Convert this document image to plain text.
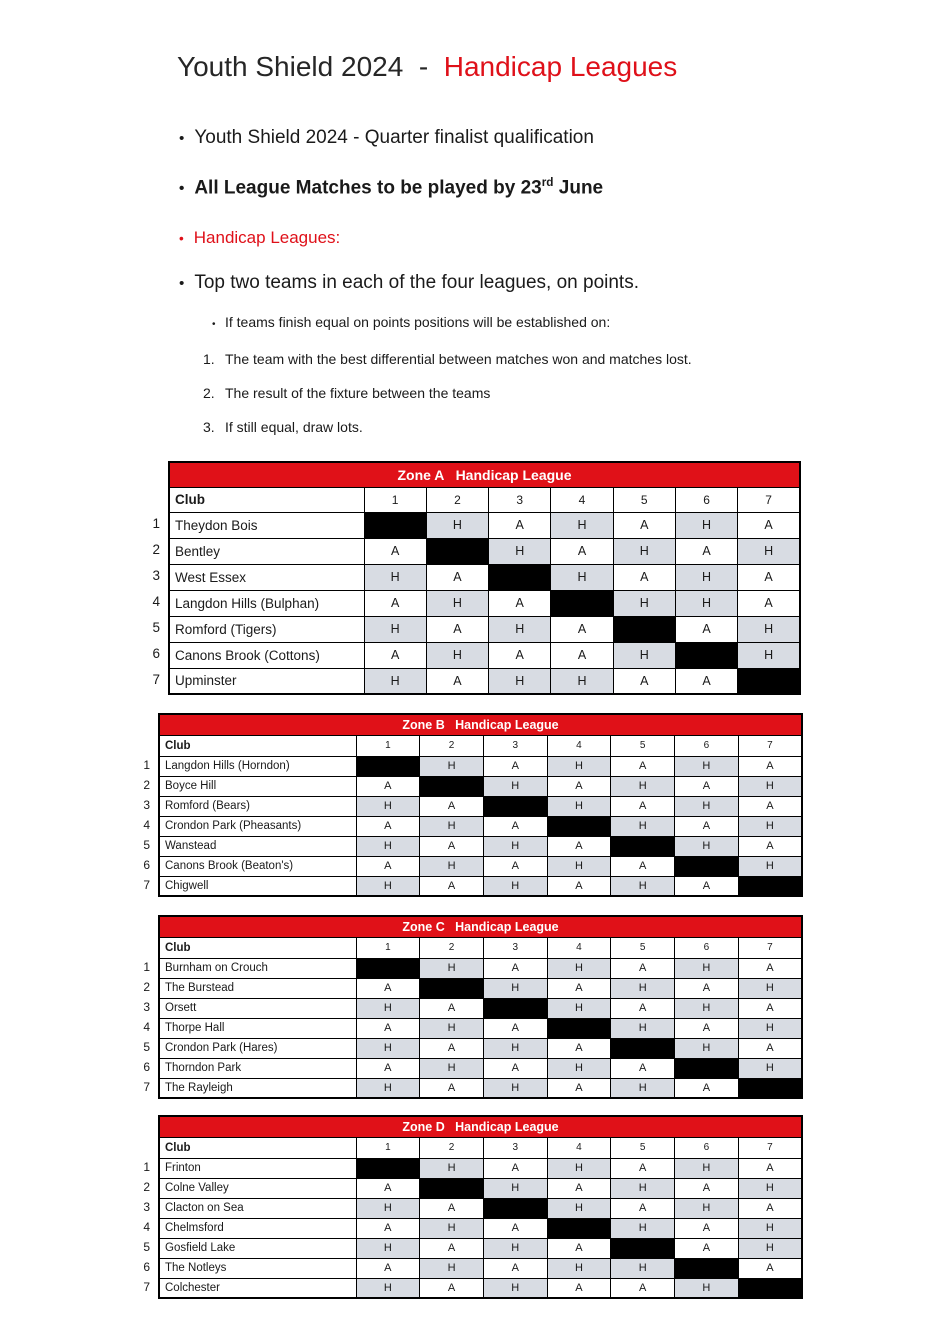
Youth Shield 2024  -  Handicap Leagues
• Youth Shield 2024 - Quarter finalist qualification
• All League Matches to be played by 23rd June
• Handicap Leagues:
• Top two teams in each of the four leagues, on points.
• If teams finish equal on points positions will be established on:
1. The team with the best differential between matches won and matches lost.
2. The result of the fixture between the teams
3. If still equal, draw lots.
1
2
3
4
5
6
7
Zone A   Handicap League							
Club	1	2	3	4	5	6	7
Theydon Bois		H	A	H	A	H	A
Bentley	A		H	A	H	A	H
West Essex	H	A		H	A	H	A
Langdon Hills (Bulphan)	A	H	A		H	H	A
Romford (Tigers)	H	A	H	A		A	H
Canons Brook (Cottons)	A	H	A	A	H		H
Upminster	H	A	H	H	A	A	
1
2
3
4
5
6
7
Zone B   Handicap League							
Club	1	2	3	4	5	6	7
Langdon Hills (Horndon)		H	A	H	A	H	A
Boyce Hill	A		H	A	H	A	H
Romford (Bears)	H	A		H	A	H	A
Crondon Park (Pheasants)	A	H	A		H	A	H
Wanstead	H	A	H	A		H	A
Canons Brook (Beaton's)	A	H	A	H	A		H
Chigwell	H	A	H	A	H	A	
1
2
3
4
5
6
7
Zone C   Handicap League							
Club	1	2	3	4	5	6	7
Burnham on Crouch		H	A	H	A	H	A
The Burstead	A		H	A	H	A	H
Orsett	H	A		H	A	H	A
Thorpe Hall	A	H	A		H	A	H
Crondon Park (Hares)	H	A	H	A		H	A
Thorndon Park	A	H	A	H	A		H
The Rayleigh	H	A	H	A	H	A	
1
2
3
4
5
6
7
Zone D   Handicap League							
Club	1	2	3	4	5	6	7
Frinton		H	A	H	A	H	A
Colne Valley	A		H	A	H	A	H
Clacton on Sea	H	A		H	A	H	A
Chelmsford	A	H	A		H	A	H
Gosfield Lake	H	A	H	A		A	H
The Notleys	A	H	A	H	H		A
Colchester	H	A	H	A	A	H	
